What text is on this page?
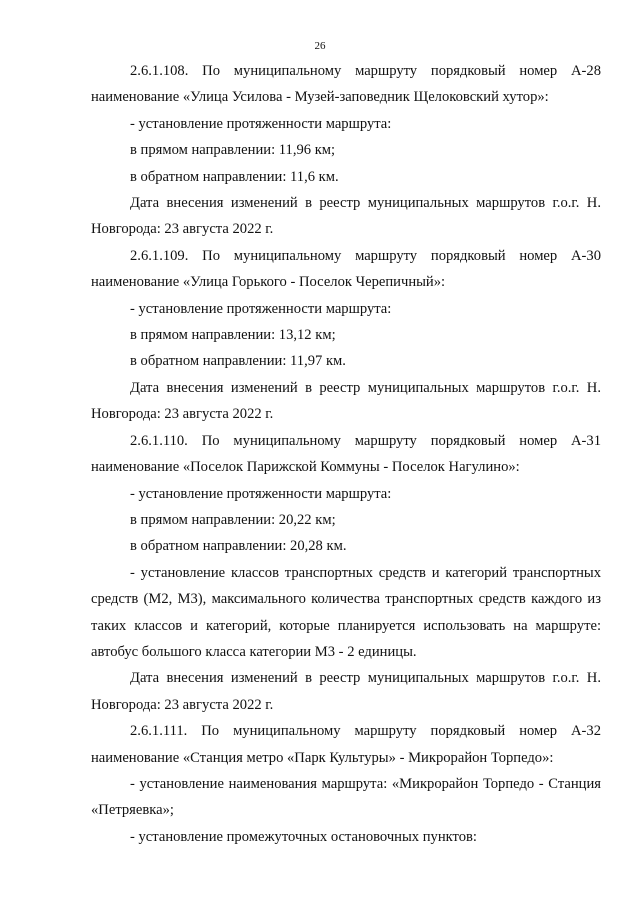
26

2.6.1.108. По муниципальному маршруту порядковый номер А-28 наименование «Улица Усилова - Музей-заповедник Щелоковский хутор»:

- установление протяженности маршрута:

в прямом направлении: 11,96 км;

в обратном направлении: 11,6 км.

Дата внесения изменений в реестр муниципальных маршрутов г.о.г. Н. Новгорода: 23 августа 2022 г.

2.6.1.109. По муниципальному маршруту порядковый номер А-30 наименование «Улица Горького - Поселок Черепичный»:

- установление протяженности маршрута:

в прямом направлении: 13,12 км;

в обратном направлении: 11,97 км.

Дата внесения изменений в реестр муниципальных маршрутов г.о.г. Н. Новгорода: 23 августа 2022 г.

2.6.1.110. По муниципальному маршруту порядковый номер А-31 наименование «Поселок Парижской Коммуны - Поселок Нагулино»:

- установление протяженности маршрута:

в прямом направлении: 20,22 км;

в обратном направлении: 20,28 км.

- установление классов транспортных средств и категорий транспортных средств (М2, М3), максимального количества транспортных средств каждого из таких классов и категорий, которые планируется использовать на маршруте: автобус большого класса категории М3 - 2 единицы.

Дата внесения изменений в реестр муниципальных маршрутов г.о.г. Н. Новгорода: 23 августа 2022 г.

2.6.1.111. По муниципальному маршруту порядковый номер А-32 наименование «Станция метро «Парк Культуры» - Микрорайон Торпедо»:

- установление наименования маршрута: «Микрорайон Торпедо - Станция «Петряевка»;

- установление промежуточных остановочных пунктов:
